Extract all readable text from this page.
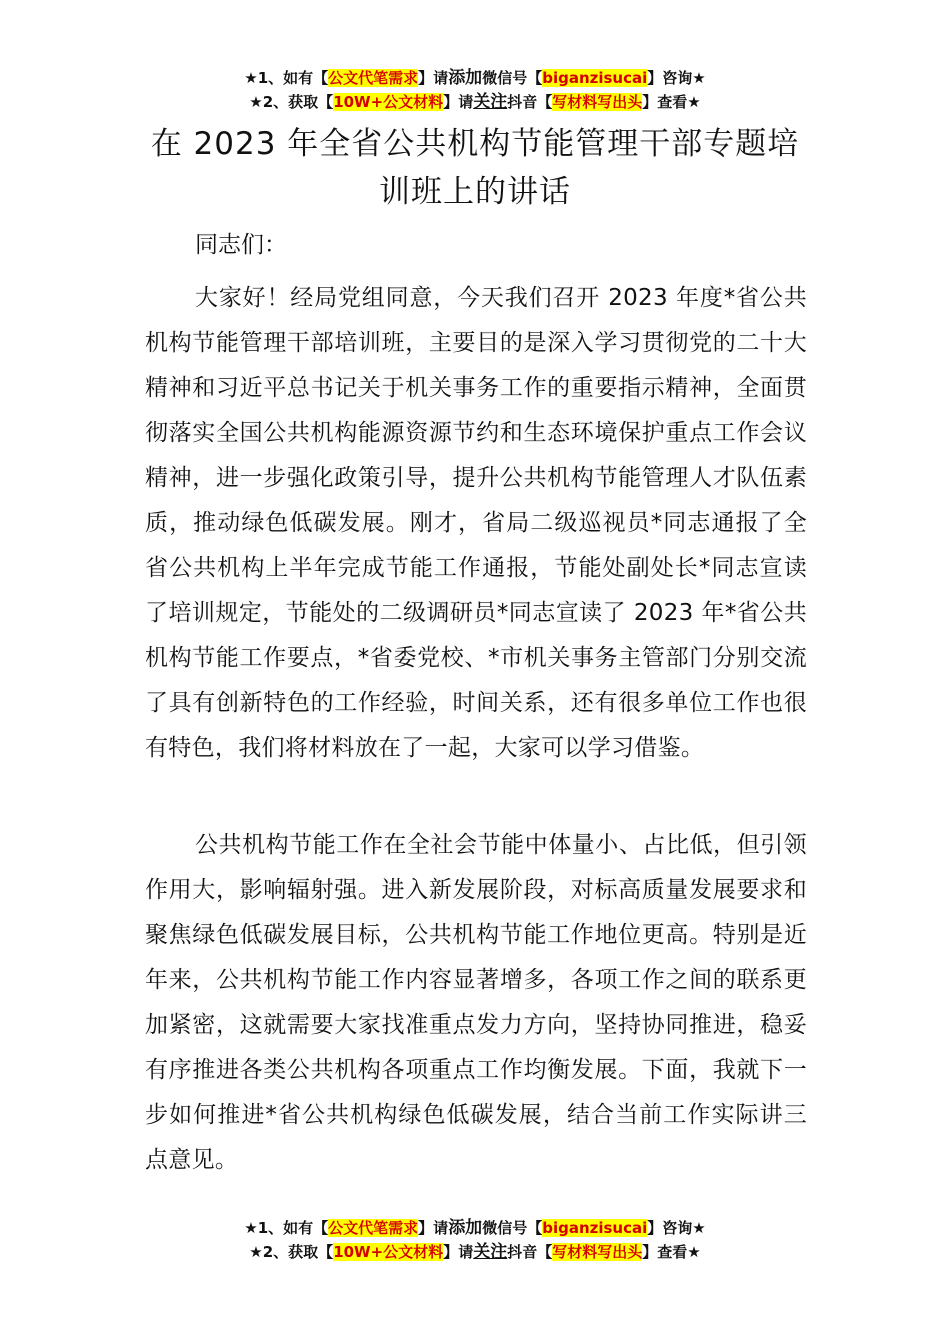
★1、如有【公文代笔需求】请添加微信号【biganzisucai】咨询★
★2、获取【10W+公文材料】请关注抖音【写材料写出头】查看★
在 2023 年全省公共机构节能管理干部专题培
训班上的讲话
同志们：
大家好！经局党组同意，今天我们召开 2023 年度*省公共机构节能管理干部培训班，主要目的是深入学习贯彻党的二十大精神和习近平总书记关于机关事务工作的重要指示精神，全面贯彻落实全国公共机构能源资源节约和生态环境保护重点工作会议精神，进一步强化政策引导，提升公共机构节能管理人才队伍素质，推动绿色低碳发展。刚才，省局二级巡视员*同志通报了全省公共机构上半年完成节能工作通报，节能处副处长*同志宣读了培训规定，节能处的二级调研员*同志宣读了 2023 年*省公共机构节能工作要点，*省委党校、*市机关事务主管部门分别交流了具有创新特色的工作经验，时间关系，还有很多单位工作也很有特色，我们将材料放在了一起，大家可以学习借鉴。
公共机构节能工作在全社会节能中体量小、占比低，但引领作用大，影响辐射强。进入新发展阶段，对标高质量发展要求和聚焦绿色低碳发展目标，公共机构节能工作地位更高。特别是近年来，公共机构节能工作内容显著增多，各项工作之间的联系更加紧密，这就需要大家找准重点发力方向，坚持协同推进，稳妥有序推进各类公共机构各项重点工作均衡发展。下面，我就下一步如何推进*省公共机构绿色低碳发展，结合当前工作实际讲三点意见。
★1、如有【公文代笔需求】请添加微信号【biganzisucai】咨询★
★2、获取【10W+公文材料】请关注抖音【写材料写出头】查看★
